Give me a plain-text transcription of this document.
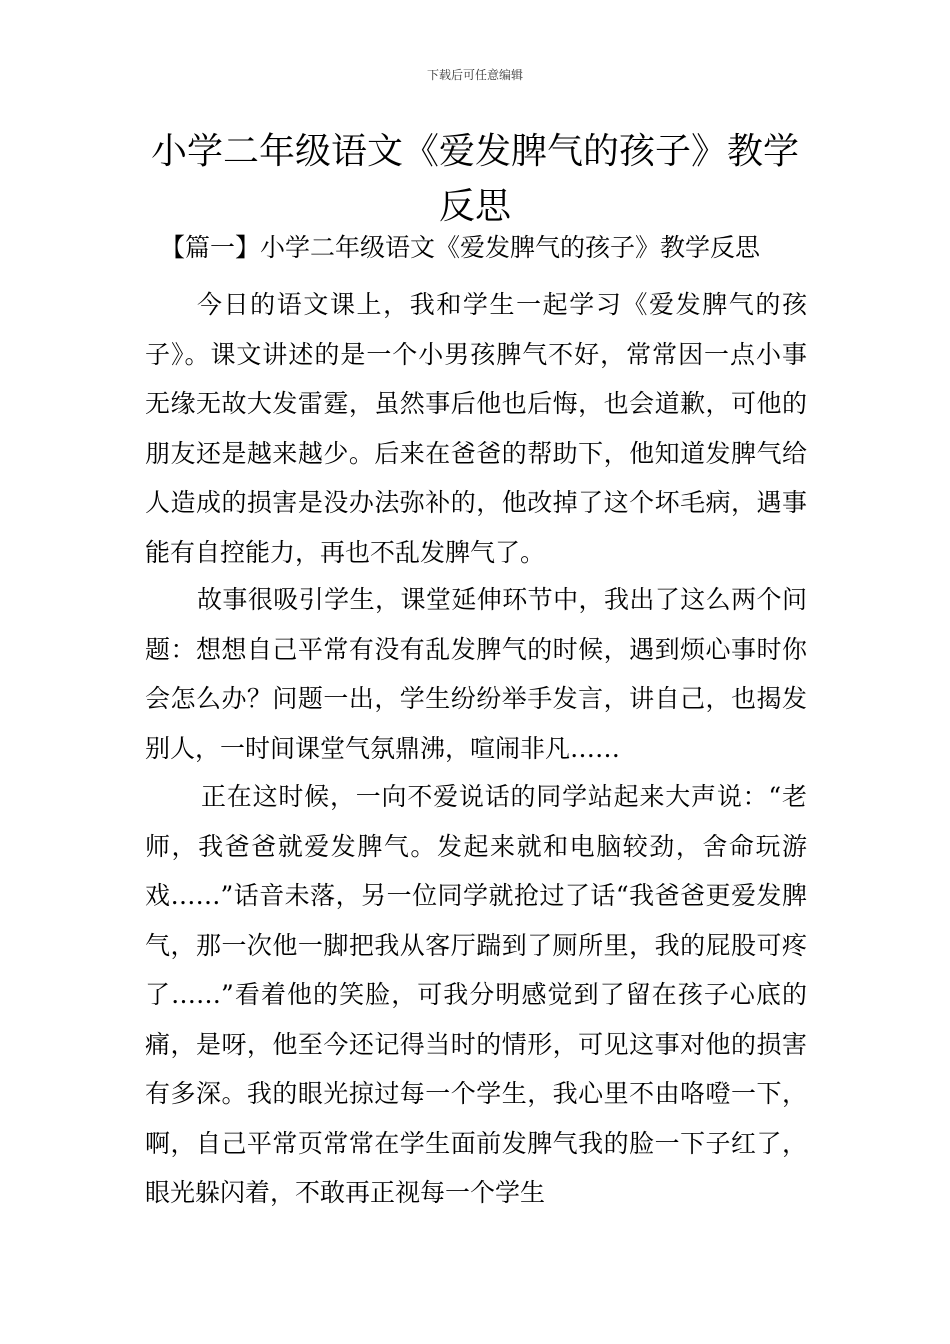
下载后可任意编辑
小学二年级语文《爱发脾气的孩子》教学反思
【篇一】小学二年级语文《爱发脾气的孩子》教学反思

今日的语文课上，我和学生一起学习《爱发脾气的孩子》。课文讲述的是一个小男孩脾气不好，常常因一点小事无缘无故大发雷霆，虽然事后他也后悔，也会道歉，可他的朋友还是越来越少。后来在爸爸的帮助下，他知道发脾气给人造成的损害是没办法弥补的，他改掉了这个坏毛病，遇事能有自控能力，再也不乱发脾气了。

故事很吸引学生，课堂延伸环节中，我出了这么两个问题：想想自己平常有没有乱发脾气的时候，遇到烦心事时你会怎么办？问题一出，学生纷纷举手发言，讲自己，也揭发别人，一时间课堂气氛鼎沸，喧闹非凡……

正在这时候，一向不爱说话的同学站起来大声说：“老师，我爸爸就爱发脾气。发起来就和电脑较劲，舍命玩游戏……”话音未落，另一位同学就抢过了话“我爸爸更爱发脾气，那一次他一脚把我从客厅踹到了厕所里，我的屁股可疼了……”看着他的笑脸，可我分明感觉到了留在孩子心底的痛，是呀，他至今还记得当时的情形，可见这事对他的损害有多深。我的眼光掠过每一个学生，我心里不由咯噔一下，啊，自己平常页常常在学生面前发脾气我的脸一下子红了，眼光躲闪着，不敢再正视每一个学生
